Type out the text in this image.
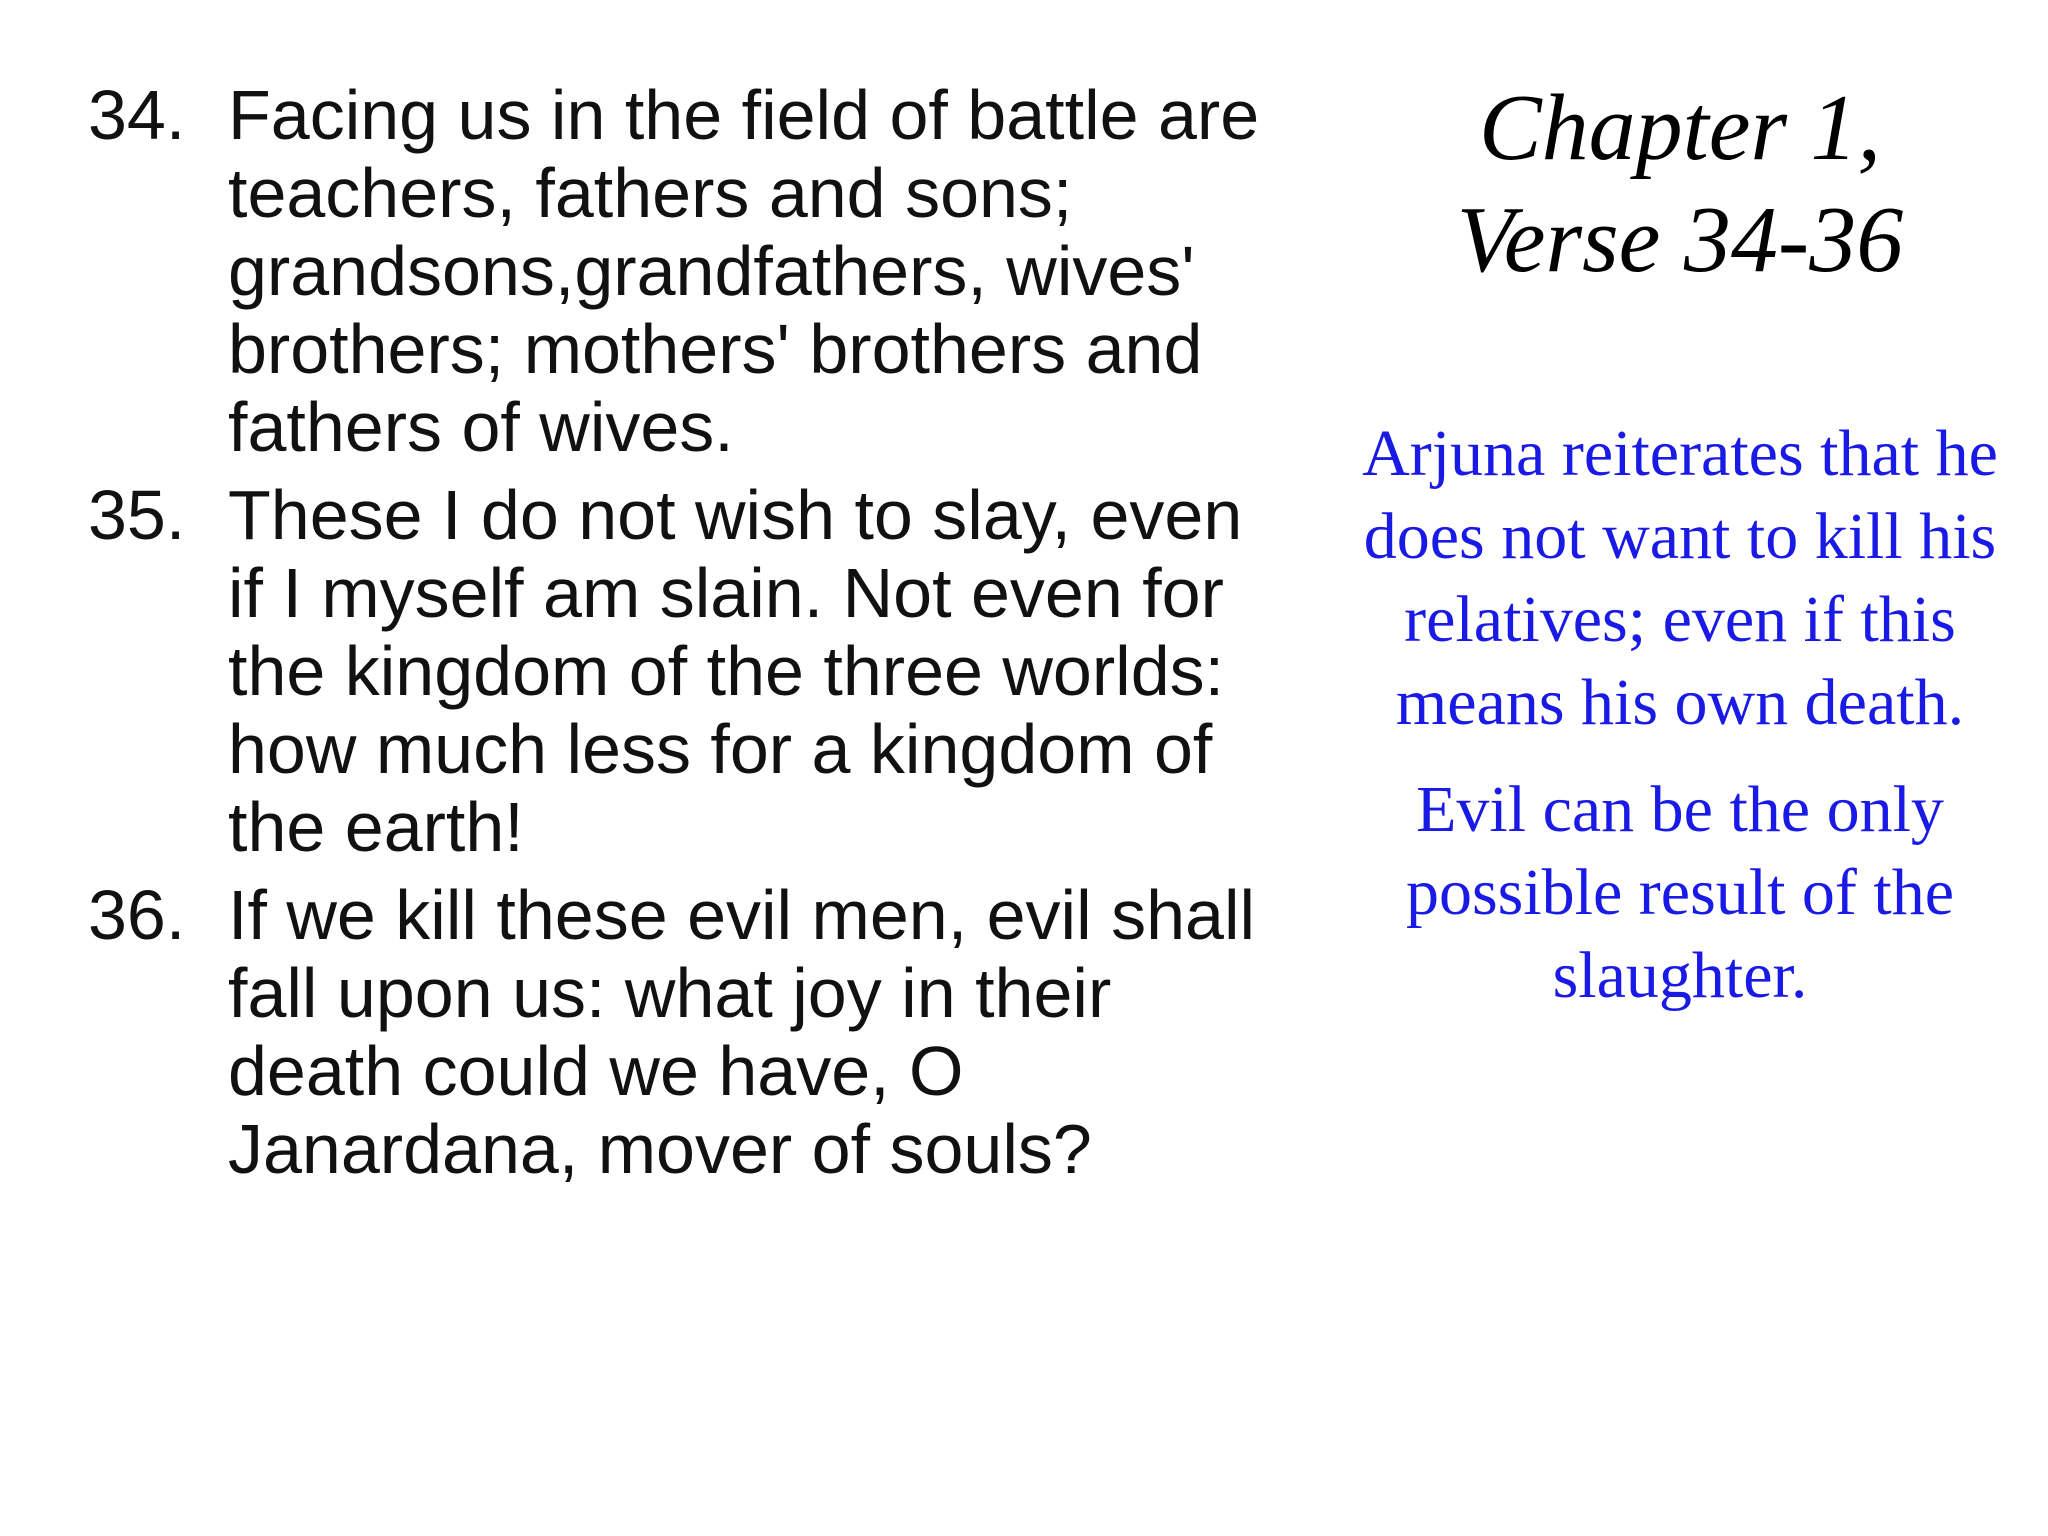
34. Facing us in the field of battle are teachers, fathers and sons; grandsons,grandfathers, wives' brothers; mothers' brothers and fathers of wives.
35. These I do not wish to slay, even if I myself am slain. Not even for the kingdom of the three worlds: how much less for a kingdom of the earth!
36. If we kill these evil men, evil shall fall upon us: what joy in their death could we have, O Janardana, mover of souls?
Chapter 1,
Verse 34-36

Arjuna reiterates that he does not want to kill his relatives; even if this means his own death.

Evil can be the only possible result of the slaughter.
